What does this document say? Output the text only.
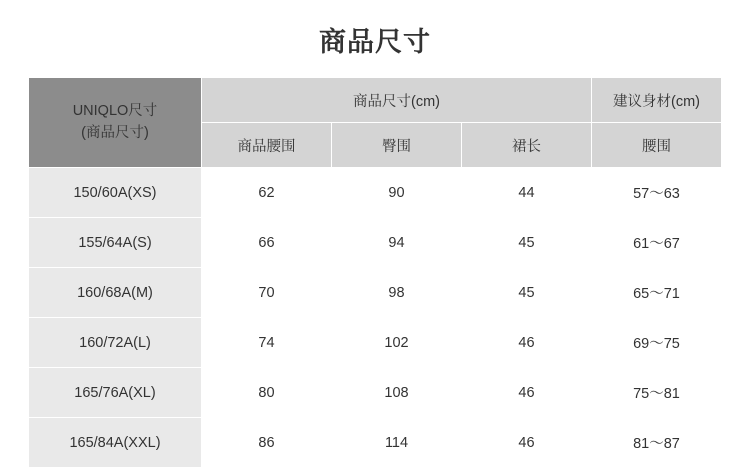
商品尺寸
UNIQLO尺寸
(商品尺寸)	商品尺寸(cm)			建议身材(cm)
	商品腰围	臀围	裙长	腰围
150/60A(XS)	62	90	44	57～63
155/64A(S)	66	94	45	61～67
160/68A(M)	70	98	45	65～71
160/72A(L)	74	102	46	69～75
165/76A(XL)	80	108	46	75～81
165/84A(XXL)	86	114	46	81～87
